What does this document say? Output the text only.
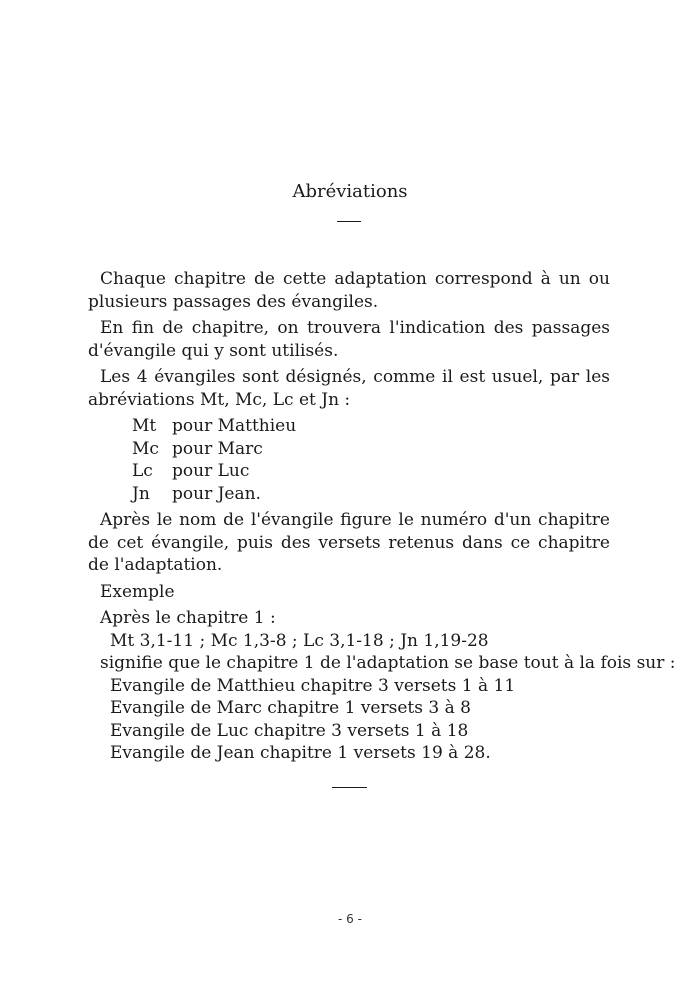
Abréviations

Chaque chapitre de cette adaptation correspond à un ou plusieurs passages des évangiles.

En fin de chapitre, on trouvera l'indication des passages d'évangile qui y sont utilisés.

Les 4 évangiles sont désignés, comme il est usuel, par les abréviations Mt, Mc, Lc et Jn :

Mt pour Matthieu
Mc pour Marc
Lc	pour Luc
Jn	pour Jean.

Après le nom de l'évangile figure le numéro d'un chapitre de cet évangile, puis des versets retenus dans ce chapitre de l'adaptation.

Exemple

Après le chapitre 1 :

Mt 3,1-11 ; Mc 1,3-8 ; Lc 3,1-18 ; Jn 1,19-28

signifie que le chapitre 1 de l'adaptation se base tout à la fois sur :

Evangile de Matthieu chapitre 3 versets 1 à 11

Evangile de Marc chapitre 1 versets 3 à 8

Evangile de Luc chapitre 3 versets 1 à 18

Evangile de Jean chapitre 1 versets 19 à 28.

- 6 -
